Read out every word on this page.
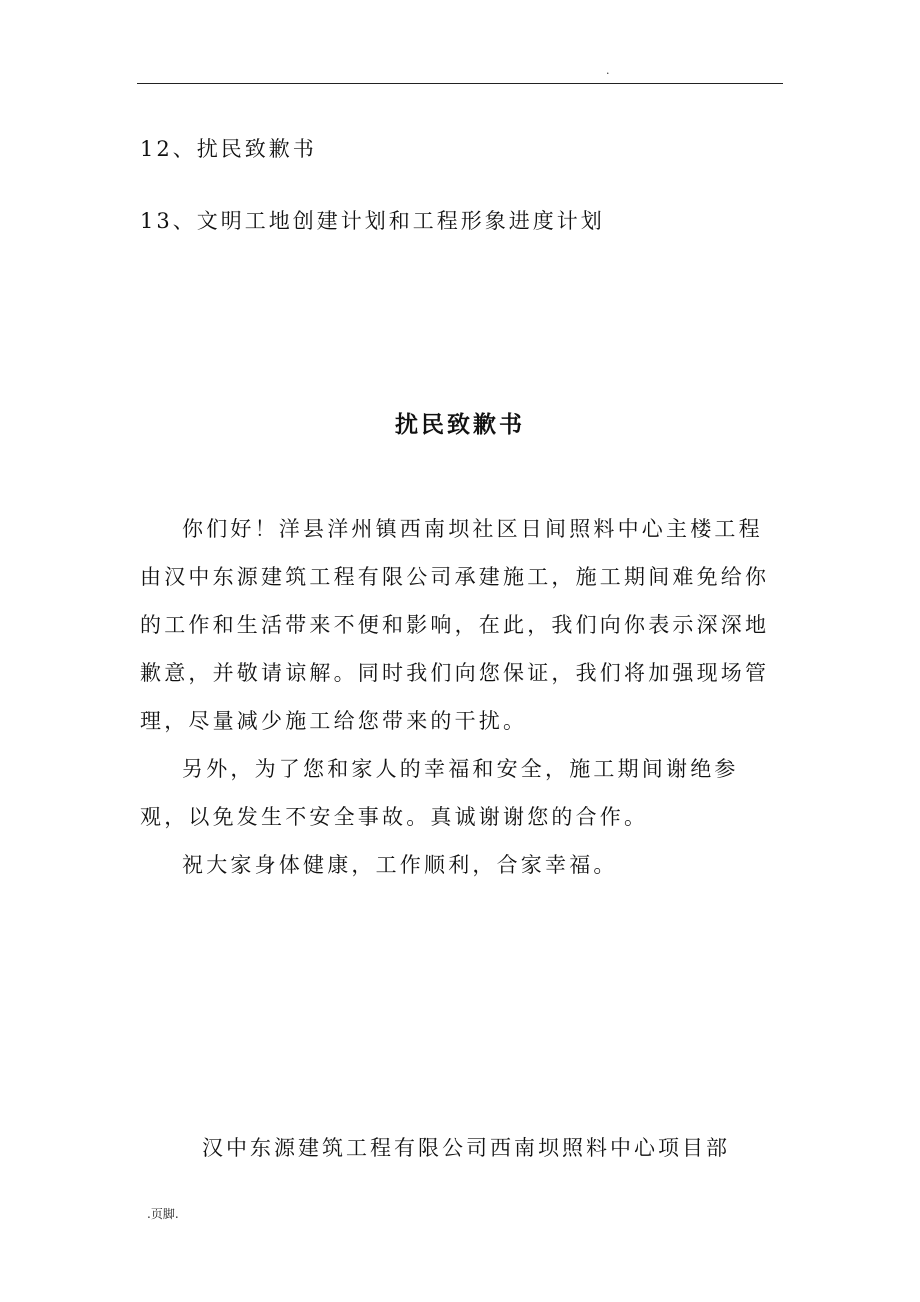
.
12、扰民致歉书
13、文明工地创建计划和工程形象进度计划
扰民致歉书

你们好！洋县洋州镇西南坝社区日间照料中心主楼工程由汉中东源建筑工程有限公司承建施工，施工期间难免给你的工作和生活带来不便和影响，在此，我们向你表示深深地歉意，并敬请谅解。同时我们向您保证，我们将加强现场管理，尽量减少施工给您带来的干扰。

另外，为了您和家人的幸福和安全，施工期间谢绝参观，以免发生不安全事故。真诚谢谢您的合作。

祝大家身体健康，工作顺利，合家幸福。

汉中东源建筑工程有限公司西南坝照料中心项目部
.页脚.
